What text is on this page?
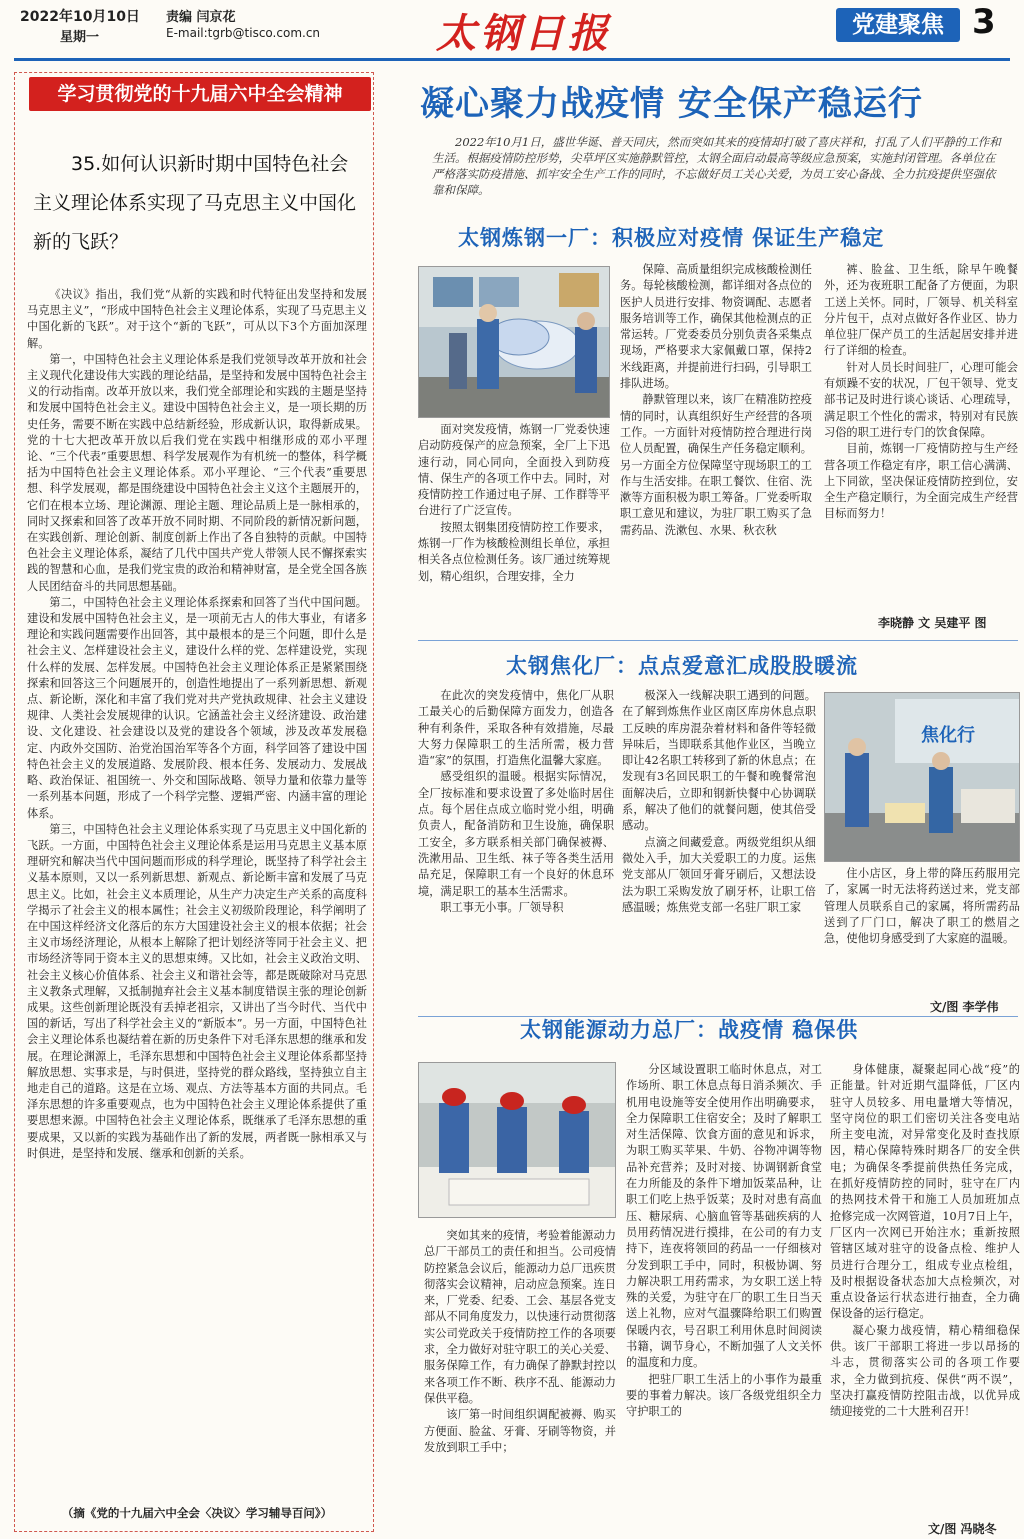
2022年10月10日
星期一
责编 闫京花
E-mail:tgrb@tisco.com.cn	太钢日报	党建聚焦 3
学习贯彻党的十九届六中全会精神
35.如何认识新时期中国特色社会主义理论体系实现了马克思主义中国化新的飞跃？

《决议》指出，我们党“从新的实践和时代特征出发坚持和发展马克思主义”，“形成中国特色社会主义理论体系，实现了马克思主义中国化新的飞跃”。对于这个“新的飞跃”，可从以下3个方面加深理解。

第一，中国特色社会主义理论体系是我们党领导改革开放和社会主义现代化建设伟大实践的理论结晶，是坚持和发展中国特色社会主义的行动指南。改革开放以来，我们党全部理论和实践的主题是坚持和发展中国特色社会主义。建设中国特色社会主义，是一项长期的历史任务，需要不断在实践中总结新经验，形成新认识，取得新成果。党的十七大把改革开放以后我们党在实践中相继形成的邓小平理论、“三个代表”重要思想、科学发展观作为有机统一的整体，科学概括为中国特色社会主义理论体系。邓小平理论、“三个代表”重要思想、科学发展观，都是围绕建设中国特色社会主义这个主题展开的，它们在根本立场、理论渊源、理论主题、理论品质上是一脉相承的，同时又探索和回答了改革开放不同时期、不同阶段的新情况新问题，在实践创新、理论创新、制度创新上作出了各自独特的贡献。中国特色社会主义理论体系，凝结了几代中国共产党人带领人民不懈探索实践的智慧和心血，是我们党宝贵的政治和精神财富，是全党全国各族人民团结奋斗的共同思想基础。

第二，中国特色社会主义理论体系探索和回答了当代中国问题。建设和发展中国特色社会主义，是一项前无古人的伟大事业，有诸多理论和实践问题需要作出回答，其中最根本的是三个问题，即什么是社会主义、怎样建设社会主义，建设什么样的党、怎样建设党，实现什么样的发展、怎样发展。中国特色社会主义理论体系正是紧紧围绕探索和回答这三个问题展开的，创造性地提出了一系列新思想、新观点、新论断，深化和丰富了我们党对共产党执政规律、社会主义建设规律、人类社会发展规律的认识。它涵盖社会主义经济建设、政治建设、文化建设、社会建设以及党的建设各个领域，涉及改革发展稳定、内政外交国防、治党治国治军等各个方面，科学回答了建设中国特色社会主义的发展道路、发展阶段、根本任务、发展动力、发展战略、政治保证、祖国统一、外交和国际战略、领导力量和依靠力量等一系列基本问题，形成了一个科学完整、逻辑严密、内涵丰富的理论体系。

第三，中国特色社会主义理论体系实现了马克思主义中国化新的飞跃。一方面，中国特色社会主义理论体系是运用马克思主义基本原理研究和解决当代中国问题而形成的科学理论，既坚持了科学社会主义基本原则，又以一系列新思想、新观点、新论断丰富和发展了马克思主义。比如，社会主义本质理论，从生产力决定生产关系的高度科学揭示了社会主义的根本属性；社会主义初级阶段理论，科学阐明了在中国这样经济文化落后的东方大国建设社会主义的根本依据；社会主义市场经济理论，从根本上解除了把计划经济等同于社会主义、把市场经济等同于资本主义的思想束缚。又比如，社会主义政治文明、社会主义核心价值体系、社会主义和谐社会等，都是既破除对马克思主义教条式理解，又抵制抛弃社会主义基本制度错误主张的理论创新成果。这些创新理论既没有丢掉老祖宗，又讲出了当今时代、当代中国的新话，写出了科学社会主义的“新版本”。另一方面，中国特色社会主义理论体系也凝结着在新的历史条件下对毛泽东思想的继承和发展。在理论渊源上，毛泽东思想和中国特色社会主义理论体系都坚持解放思想、实事求是，与时俱进，坚持党的群众路线，坚持独立自主地走自己的道路。这是在立场、观点、方法等基本方面的共同点。毛泽东思想的许多重要观点，也为中国特色社会主义理论体系提供了重要思想来源。中国特色社会主义理论体系，既继承了毛泽东思想的重要成果，又以新的实践为基础作出了新的发展，两者既一脉相承又与时俱进，是坚持和发展、继承和创新的关系。

（摘《党的十九届六中全会〈决议〉学习辅导百问》）
凝心聚力战疫情 安全保产稳运行
2022年10月1日，盛世华诞、普天同庆，然而突如其来的疫情却打破了喜庆祥和，打乱了人们平静的工作和生活。根据疫情防控形势，尖草坪区实施静默管控，太钢全面启动最高等级应急预案，实施封闭管理。各单位在严格落实防疫措施、抓牢安全生产工作的同时，不忘做好员工关心关爱，为员工安心备战、全力抗疫提供坚强依靠和保障。
太钢炼钢一厂：积极应对疫情 保证生产稳定

面对突发疫情，炼钢一厂党委快速启动防疫保产的应急预案，全厂上下迅速行动，同心同向，全面投入到防疫情、保生产的各项工作中去。同时，对疫情防控工作通过电子屏、工作群等平台进行了广泛宣传。

按照太钢集团疫情防控工作要求，炼钢一厂作为核酸检测组长单位，承担相关各点位检测任务。该厂通过统筹规划，精心组织，合理安排，全力

保障、高质量组织完成核酸检测任务。每轮核酸检测，都详细对各点位的医护人员进行安排、物资调配、志愿者服务培训等工作，确保其他检测点的正常运转。厂党委委员分别负责各采集点现场，严格要求大家佩戴口罩，保持2米线距离，并提前进行扫码，引导职工排队进场。

静默管理以来，该厂在精准防控疫情的同时，认真组织好生产经营的各项工作。一方面针对疫情防控合理进行岗位人员配置，确保生产任务稳定顺利。另一方面全方位保障坚守现场职工的工作与生活安排。在职工餐饮、住宿、洗漱等方面积极为职工筹备。厂党委听取职工意见和建议，为驻厂职工购买了急需药品、洗漱包、水果、秋衣秋

裤、脸盆、卫生纸，除早午晚餐外，还为夜班职工配备了方便面，为职工送上关怀。同时，厂领导、机关科室分片包干，点对点做好各作业区、协力单位驻厂保产员工的生活起居安排并进行了详细的检查。

针对人员长时间驻厂，心理可能会有烦躁不安的状况，厂包干领导、党支部书记及时进行谈心谈话、心理疏导，满足职工个性化的需求，特别对有民族习俗的职工进行专门的饮食保障。

目前，炼钢一厂疫情防控与生产经营各项工作稳定有序，职工信心满满、上下同欲，坚决保证疫情防控到位，安全生产稳定顺行，为全面完成生产经营目标而努力！

李晓静 文 吴建平 图
太钢焦化厂：点点爱意汇成股股暖流

在此次的突发疫情中，焦化厂从职工最关心的后勤保障方面发力，创造各种有利条件，采取各种有效措施，尽最大努力保障职工的生活所需，极力营造“家”的氛围，打造焦化温馨大家庭。

感受组织的温暖。根据实际情况，全厂按标准和要求设置了多处临时居住点。每个居住点成立临时党小组，明确负责人，配备消防和卫生设施，确保职工安全，多方联系相关部门确保被褥、洗漱用品、卫生纸、袜子等各类生活用品充足，保障职工有一个良好的休息环境，满足职工的基本生活需求。

职工事无小事。厂领导积

极深入一线解决职工遇到的问题。在了解到炼焦作业区南区库房休息点职工反映的库房混杂着材料和备件等轻微异味后，当即联系其他作业区，当晚立即让42名职工转移到了新的休息点；在发现有3名回民职工的午餐和晚餐常泡面解决后，立即和钢新快餐中心协调联系，解决了他们的就餐问题，使其倍受感动。

点滴之间藏爱意。两级党组织从细微处入手，加大关爱职工的力度。运焦党支部从厂领回牙膏牙刷后，又想法设法为职工采购发放了刷牙杯，让职工倍感温暖；炼焦党支部一名驻厂职工家

焦化行

住小店区，身上带的降压药服用完了，家属一时无法将药送过来，党支部管理人员联系自己的家属，将所需药品送到了厂门口，解决了职工的燃眉之急，使他切身感受到了大家庭的温暖。

文/图 李学伟
太钢能源动力总厂：战疫情 稳保供

突如其来的疫情，考验着能源动力总厂干部员工的责任和担当。公司疫情防控紧急会议后，能源动力总厂迅疾贯彻落实会议精神，启动应急预案。连日来，厂党委、纪委、工会、基层各党支部从不同角度发力，以快速行动贯彻落实公司党政关于疫情防控工作的各项要求，全力做好对驻守职工的关心关爱、服务保障工作，有力确保了静默封控以来各项工作不断、秩序不乱、能源动力保供平稳。

该厂第一时间组织调配被褥、购买方便面、脸盆、牙膏、牙刷等物资，并发放到职工手中；

分区域设置职工临时休息点，对工作场所、职工休息点每日消杀频次、手机用电设施等安全使用作出明确要求，全力保障职工住宿安全；及时了解职工对生活保障、饮食方面的意见和诉求，为职工购买苹果、牛奶、谷物冲调等物品补充营养；及时对接、协调钢新食堂在力所能及的条件下增加饭菜品种，让职工们吃上热乎饭菜；及时对患有高血压、糖尿病、心脑血管等基础疾病的人员用药情况进行摸排，在公司的有力支持下，连夜将领回的药品一一仔细核对分发到职工手中，同时，积极协调、努力解决职工用药需求，为女职工送上特殊的关爱，为驻守在厂的职工生日当天送上礼物，应对气温骤降给职工们购置保暖内衣，号召职工利用休息时间阅读书籍，调节身心，不断加强了人文关怀的温度和力度。

把驻厂职工生活上的小事作为最重要的事着力解决。该厂各级党组织全力守护职工的

身体健康，凝聚起同心战“疫”的正能量。针对近期气温降低，厂区内驻守人员较多、用电量增大等情况，坚守岗位的职工们密切关注各变电站所主变电流，对异常变化及时查找原因，精心保障特殊时期各厂的安全供电；为确保冬季提前供热任务完成，在抓好疫情防控的同时，驻守在厂内的热网技术骨干和施工人员加班加点抢修完成一次网管道，10月7日上午，厂区内一次网已开始注水；重新按照管辖区域对驻守的设备点检、维护人员进行合理分工，组成专业点检组，及时根据设备状态加大点检频次，对重点设备运行状态进行抽查，全力确保设备的运行稳定。

凝心聚力战疫情，精心精细稳保供。该厂干部职工将进一步以昂扬的斗志，贯彻落实公司的各项工作要求，全力做到抗疫、保供“两不误”，坚决打赢疫情防控阻击战，以优异成绩迎接党的二十大胜利召开！

文/图 冯晓冬
